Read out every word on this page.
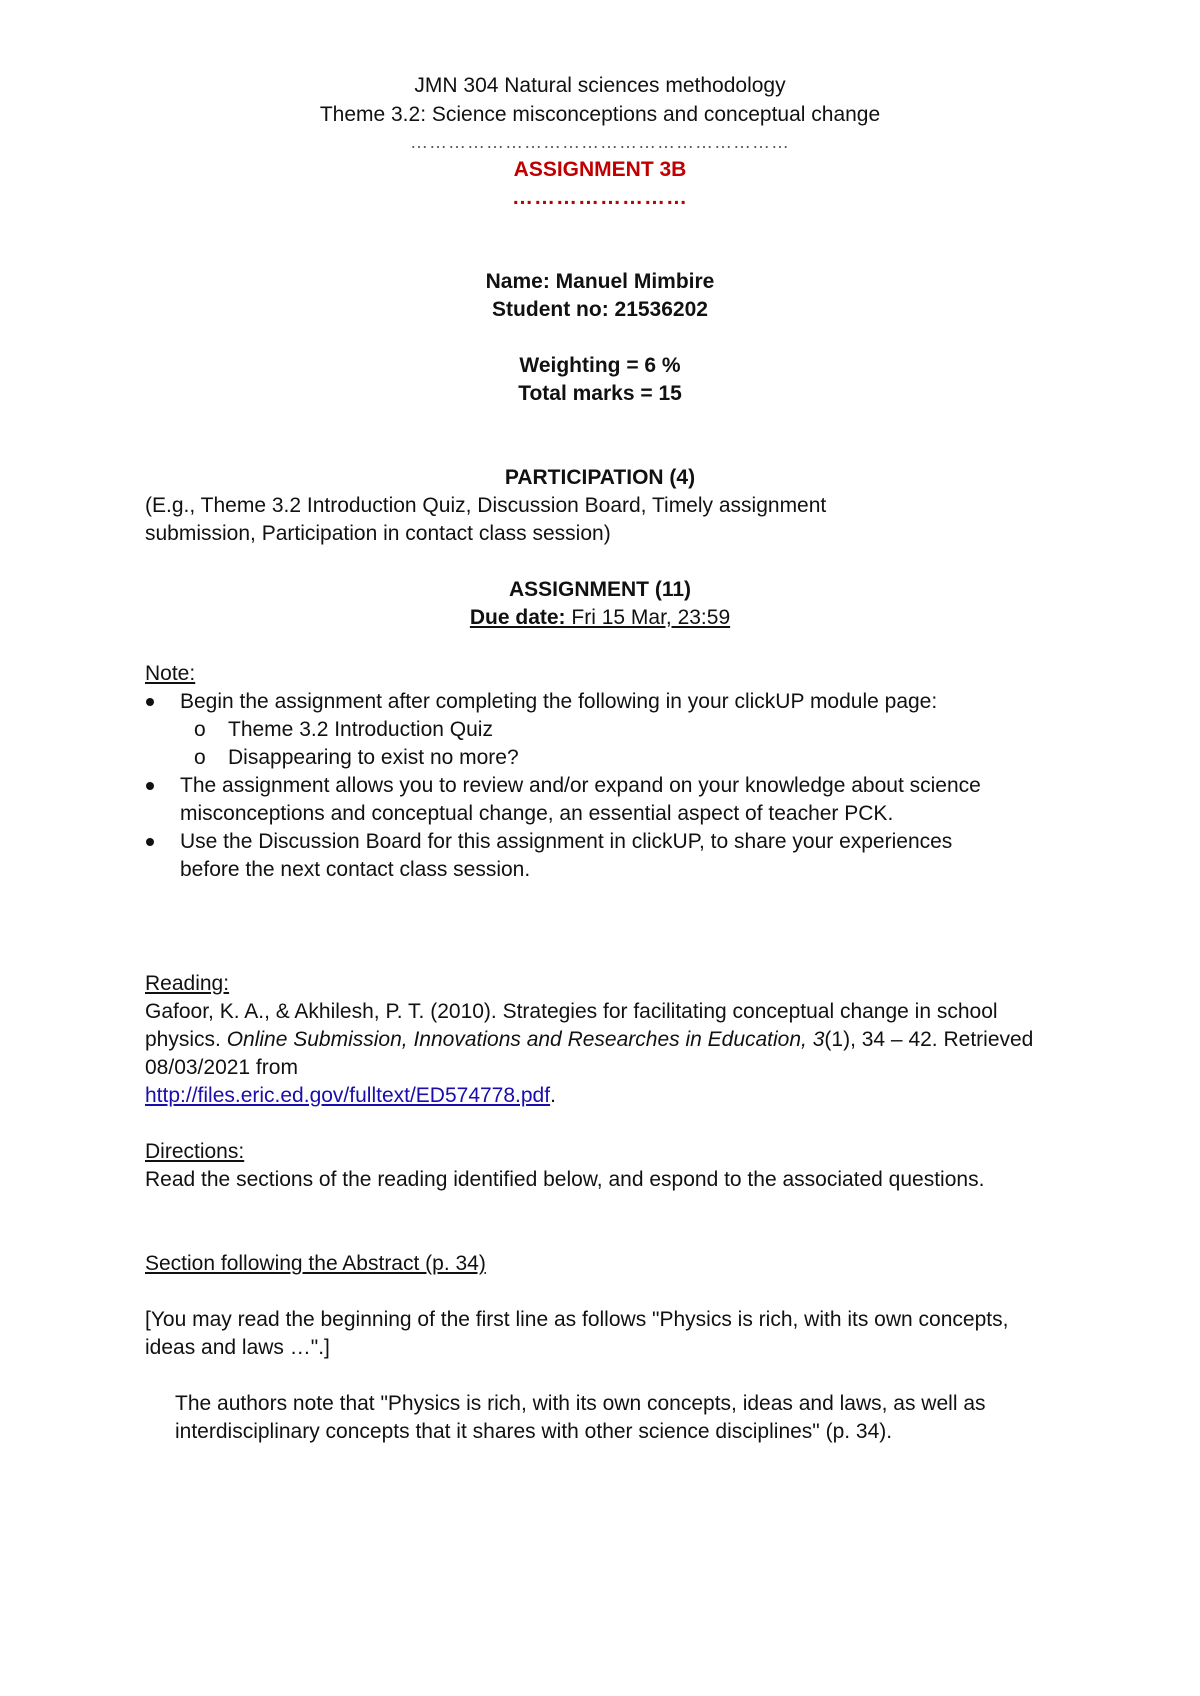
JMN 304 Natural sciences methodology
Theme 3.2: Science misconceptions and conceptual change
……………………………………………………
ASSIGNMENT 3B
……………………
Name: Manuel Mimbire
Student no: 21536202
Weighting = 6 %
Total marks = 15
PARTICIPATION (4)
(E.g., Theme 3.2 Introduction Quiz, Discussion Board, Timely assignment
submission, Participation in contact class session)
ASSIGNMENT (11)
Due date: Fri 15 Mar, 23:59
Note:
Begin the assignment after completing the following in your clickUP module page:
o Theme 3.2 Introduction Quiz
o Disappearing to exist no more?
The assignment allows you to review and/or expand on your knowledge about science misconceptions and conceptual change, an essential aspect of teacher PCK.
Use the Discussion Board for this assignment in clickUP, to share your experiences before the next contact class session.
Reading:
Gafoor, K. A., & Akhilesh, P. T. (2010). Strategies for facilitating conceptual change in school physics. Online Submission, Innovations and Researches in Education, 3(1), 34 – 42. Retrieved 08/03/2021 from
http://files.eric.ed.gov/fulltext/ED574778.pdf.
Directions:
Read the sections of the reading identified below, and espond to the associated questions.
Section following the Abstract (p. 34)
[You may read the beginning of the first line as follows "Physics is rich, with its own concepts, ideas and laws …".]
The authors note that "Physics is rich, with its own concepts, ideas and laws, as well as interdisciplinary concepts that it shares with other science disciplines" (p. 34).
